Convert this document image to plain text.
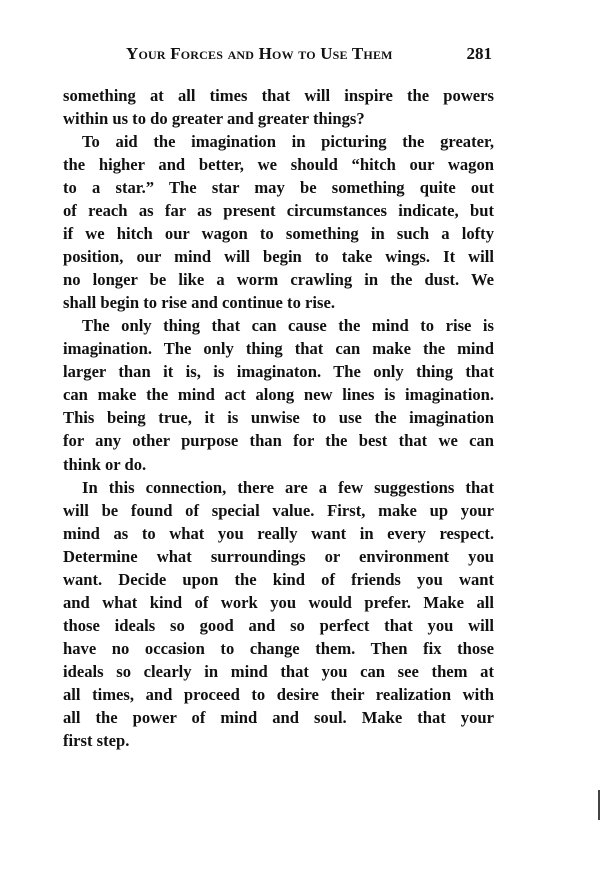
Your Forces and How to Use Them	281
something at all times that will inspire the powers
within us to do greater and greater things?
To aid the imagination in picturing the greater,
the higher and better, we should “hitch our wagon
to a star.” The star may be something quite out
of reach as far as present circumstances indicate, but
if we hitch our wagon to something in such a lofty
position, our mind will begin to take wings. It will
no longer be like a worm crawling in the dust. We
shall begin to rise and continue to rise.
The only thing that can cause the mind to rise is
imagination. The only thing that can make the mind
larger than it is, is imaginaton. The only thing that
can make the mind act along new lines is imagination.
This being true, it is unwise to use the imagination
for any other purpose than for the best that we can
think or do.
In this connection, there are a few suggestions that
will be found of special value. First, make up your
mind as to what you really want in every respect.
Determine what surroundings or environment you
want. Decide upon the kind of friends you want
and what kind of work you would prefer. Make all
those ideals so good and so perfect that you will
have no occasion to change them. Then fix those
ideals so clearly in mind that you can see them at
all times, and proceed to desire their realization with
all the power of mind and soul. Make that your
first step.
